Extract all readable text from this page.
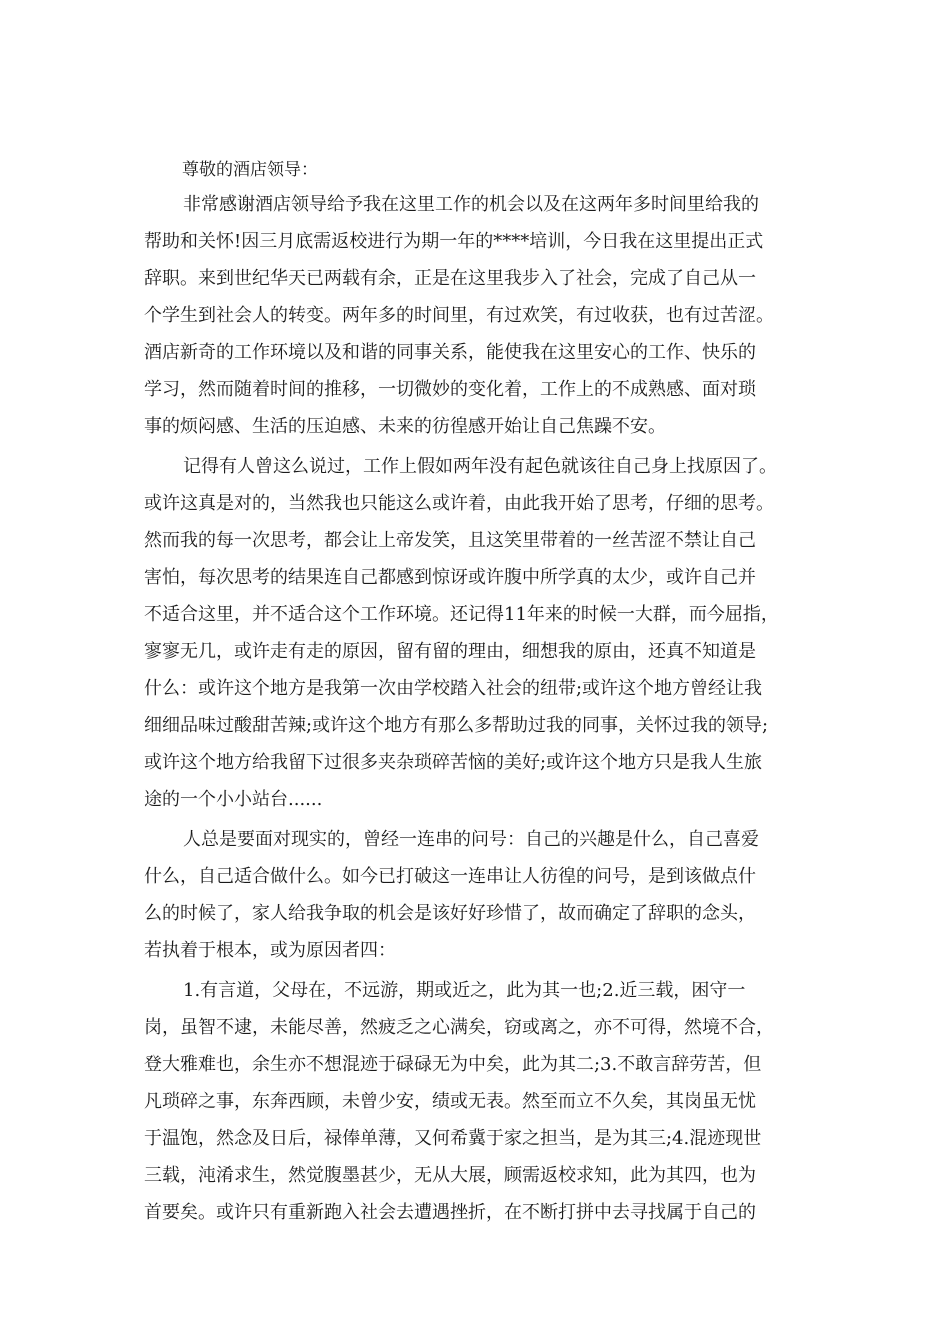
尊敬的酒店领导：

非常感谢酒店领导给予我在这里工作的机会以及在这两年多时间里给我的

帮助和关怀!因三月底需返校进行为期一年的****培训，今日我在这里提出正式

辞职。来到世纪华天已两载有余，正是在这里我步入了社会，完成了自己从一

个学生到社会人的转变。两年多的时间里，有过欢笑，有过收获，也有过苦涩。

酒店新奇的工作环境以及和谐的同事关系，能使我在这里安心的工作、快乐的

学习，然而随着时间的推移，一切微妙的变化着，工作上的不成熟感、面对琐

事的烦闷感、生活的压迫感、未来的彷徨感开始让自己焦躁不安。

记得有人曾这么说过，工作上假如两年没有起色就该往自己身上找原因了。

或许这真是对的，当然我也只能这么或许着，由此我开始了思考，仔细的思考。

然而我的每一次思考，都会让上帝发笑，且这笑里带着的一丝苦涩不禁让自己

害怕，每次思考的结果连自己都感到惊讶或许腹中所学真的太少，或许自己并

不适合这里，并不适合这个工作环境。还记得11年来的时候一大群，而今屈指，

寥寥无几，或许走有走的原因，留有留的理由，细想我的原由，还真不知道是

什么：或许这个地方是我第一次由学校踏入社会的纽带;或许这个地方曾经让我

细细品味过酸甜苦辣;或许这个地方有那么多帮助过我的同事，关怀过我的领导;

或许这个地方给我留下过很多夹杂琐碎苦恼的美好;或许这个地方只是我人生旅

途的一个小小站台......

人总是要面对现实的，曾经一连串的问号：自己的兴趣是什么，自己喜爱

什么，自己适合做什么。如今已打破这一连串让人彷徨的问号，是到该做点什

么的时候了，家人给我争取的机会是该好好珍惜了，故而确定了辞职的念头，

若执着于根本，或为原因者四：

1.有言道，父母在，不远游，期或近之，此为其一也;2.近三载，困守一

岗，虽智不逮，未能尽善，然疲乏之心满矣，窃或离之，亦不可得，然境不合，

登大雅难也，余生亦不想混迹于碌碌无为中矣，此为其二;3.不敢言辞劳苦，但

凡琐碎之事，东奔西顾，未曾少安，绩或无表。然至而立不久矣，其岗虽无忧

于温饱，然念及日后，禄俸单薄，又何希冀于家之担当，是为其三;4.混迹现世

三载，沌淆求生，然觉腹墨甚少，无从大展，顾需返校求知，此为其四，也为

首要矣。或许只有重新跑入社会去遭遇挫折，在不断打拼中去寻找属于自己的
